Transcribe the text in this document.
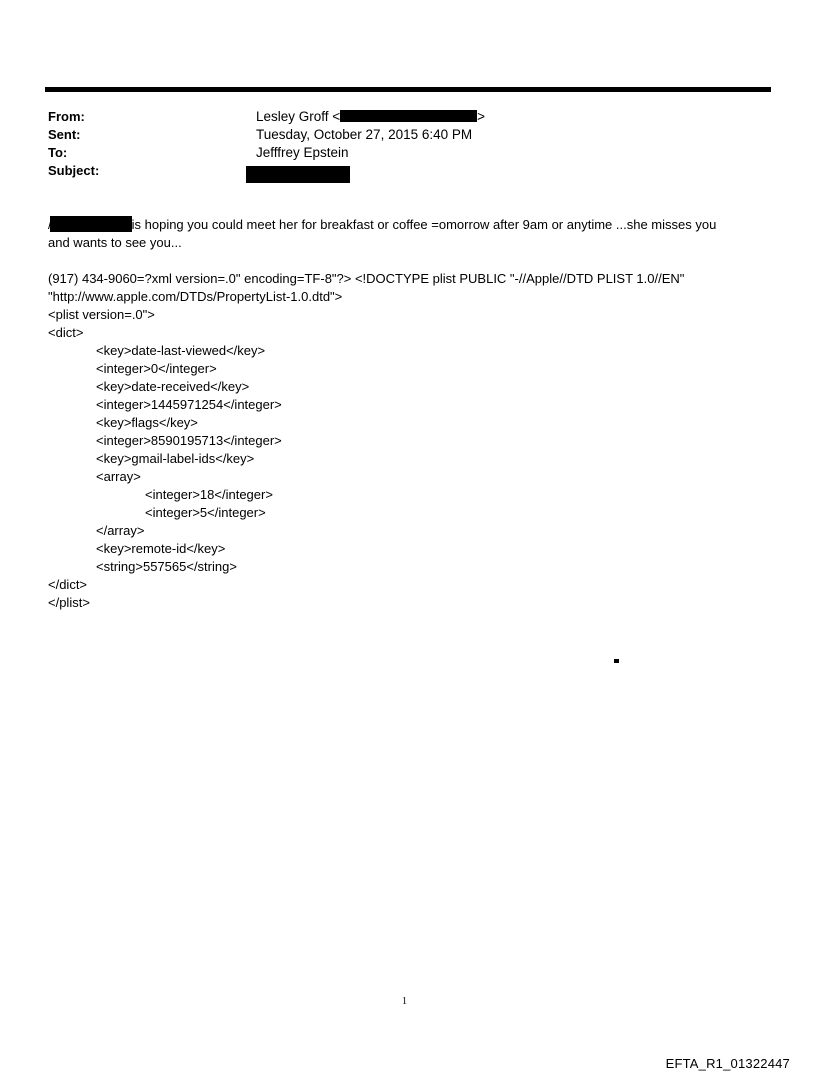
From:
Sent:
To:
Subject:
Lesley Groff <	>
Tuesday, October 27, 2015 6:40 PM
Jefffrey Epstein
is hoping you could meet her for breakfast or coffee =omorrow after 9am or anytime ...she misses you
and wants to see you...
(917) 434-9060=?xml version=.0" encoding=TF-8"?> <!DOCTYPE plist PUBLIC "-//Apple//DTD PLIST 1.0//EN"
"http://www.apple.com/DTDs/PropertyList-1.0.dtd">
<plist version=.0">
<dict>
<key>date-last-viewed</key>
<integer>0</integer>
<key>date-received</key>
<integer>1445971254</integer>
<key>flags</key>
<integer>8590195713</integer>
<key>gmail-label-ids</key>
<array>
<integer>18</integer>
<integer>5</integer>
</array>
<key>remote-id</key>
<string>557565</string>
</dict>
</plist>
1
EFTA_R1_01322447
